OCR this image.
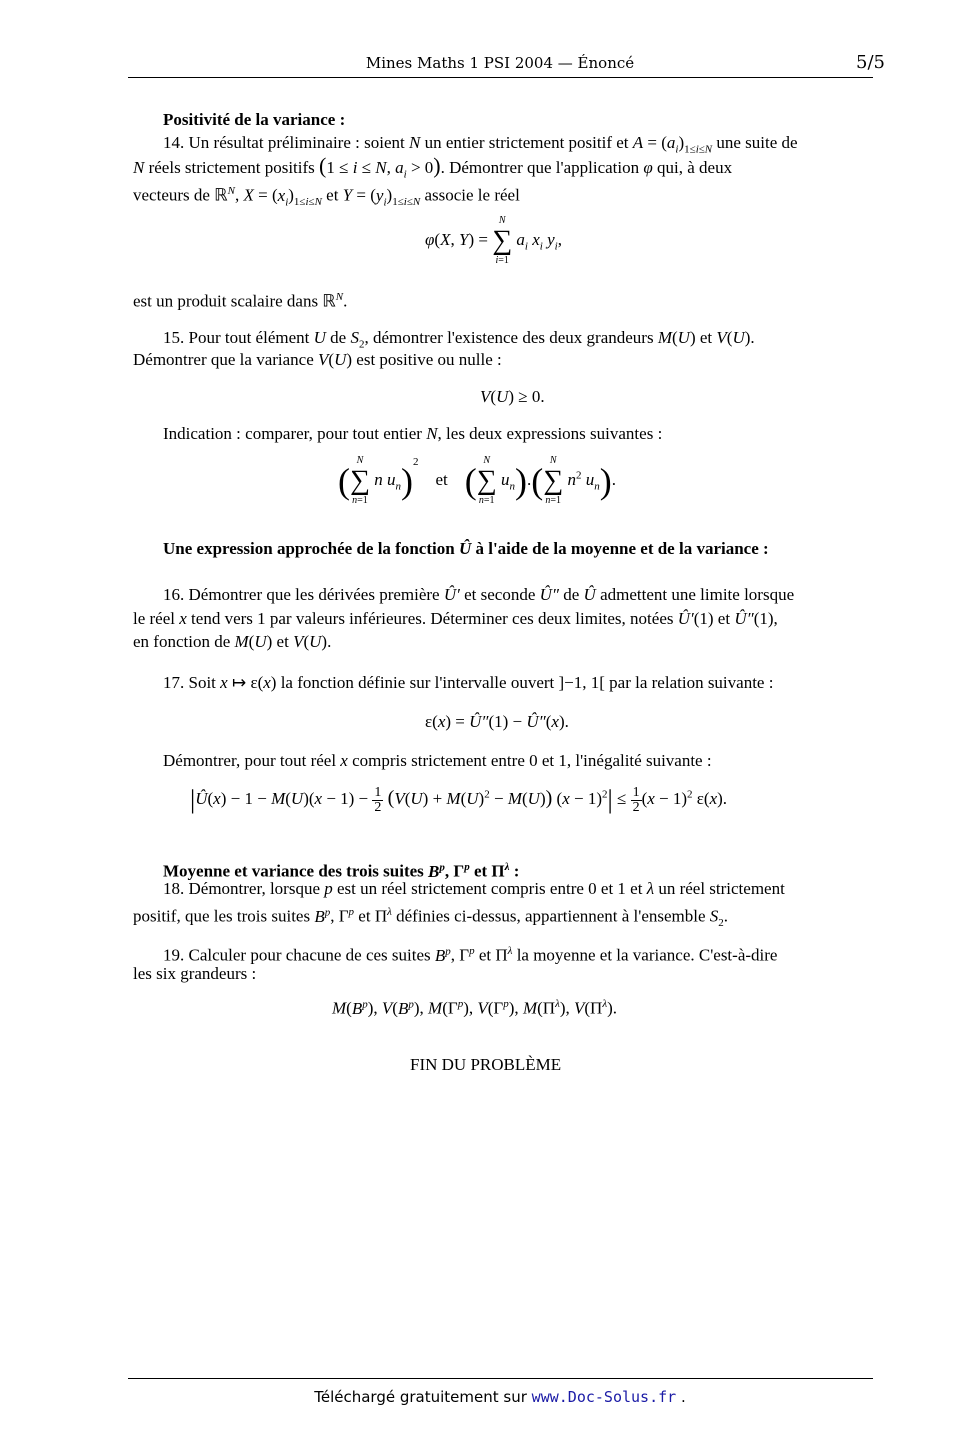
Mines Maths 1 PSI 2004 — Énoncé	5/5
Positivité de la variance :
14. Un résultat préliminaire : soient N un entier strictement positif et $A = (a_i)_{1\le i\le N}$ une suite de
N réels strictement positifs (1 ≤ i ≤ N, $a_i > 0$). Démontrer que l'application φ qui, à deux
vecteurs de ℝ$^N$, $X = (x_i)_{1\le i\le N}$ et $Y = (y_i)_{1\le i\le N}$ associe le réel
φ(X, Y) =
N
∑
i=1
$a_i$ $x_i$ $y_i$,
est un produit scalaire dans ℝ$^N$.
15. Pour tout élément U de $S_2$, démontrer l'existence des deux grandeurs M(U) et V(U).
Démontrer que la variance V(U) est positive ou nulle :
V(U) ≥ 0.
Indication : comparer, pour tout entier N, les deux expressions suivantes :
(
N
∑
n=1
n $u_n)^2$    et (
N
∑
n=1
$u_n$).(
N
∑
n=1
$n^2$ $u_n$).
Une expression approchée de la fonction Û à l'aide de la moyenne et de la variance :
16. Démontrer que les dérivées première Û′ et seconde Û″ de Û admettent une limite lorsque
le réel x tend vers 1 par valeurs inférieures. Déterminer ces deux limites, notées Û′(1) et Û″(1),
en fonction de M(U) et V(U).
17. Soit x ↦ ε(x) la fonction définie sur l'intervalle ouvert ]−1, 1[ par la relation suivante :
ε(x) = Û″(1) − Û″(x).
Démontrer, pour tout réel x compris strictement entre 0 et 1, l'inégalité suivante :
|Û(x) − $1 - M(U)(x - 1) - \frac{1}{2} (V(U) + M(U)^2 - M(U)) (x - 1)^2| \le \frac{1}{2} (x - 1)^2$ ε(x).
Moyenne et variance des trois suites $B^p$, $\Gamma^p$ et $\Pi^\lambda$ :
18. Démontrer, lorsque p est un réel strictement compris entre 0 et 1 et λ un réel strictement
positif, que les trois suites $B^p$, $\Gamma^p$ et $\Pi^\lambda$ définies ci-dessus, appartiennent à l'ensemble $S_2$.
19. Calculer pour chacune de ces suites $B^p$, $\Gamma^p$ et $\Pi^\lambda$ la moyenne et la variance. C'est-à-dire
les six grandeurs :
$M(B^p)$, $V(B^p)$, $M(\Gamma^p)$, $V(\Gamma^p)$, $M(\Pi^\lambda)$, $V(\Pi^\lambda)$.
FIN DU PROBLÈME
Téléchargé gratuitement sur www.Doc-Solus.fr .
